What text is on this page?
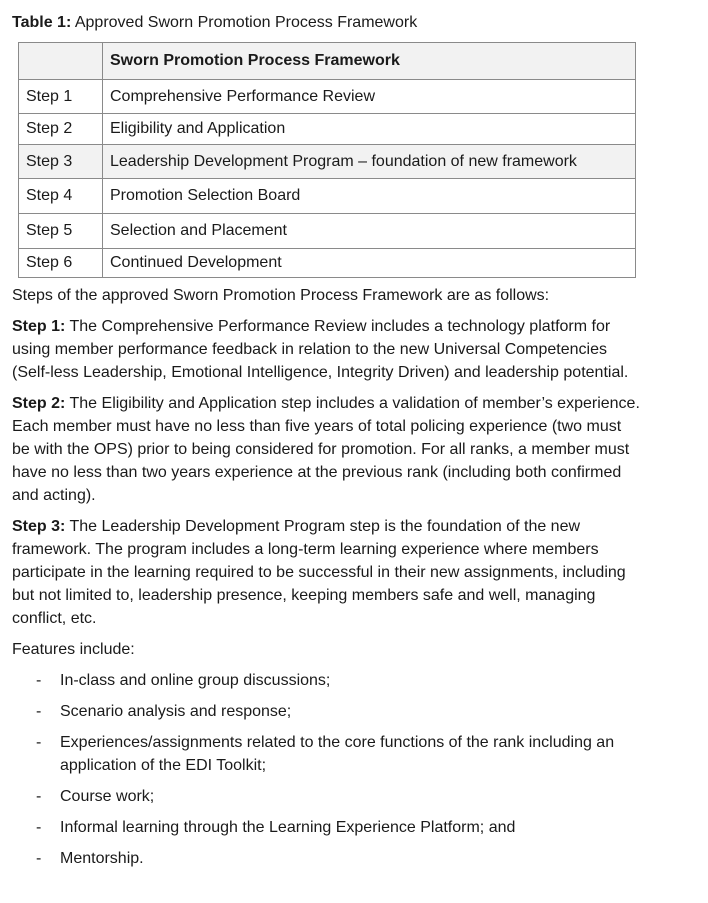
Table 1: Approved Sworn Promotion Process Framework
	Sworn Promotion Process Framework
Step 1	Comprehensive Performance Review
Step 2	Eligibility and Application
Step 3	Leadership Development Program – foundation of new framework
Step 4	Promotion Selection Board
Step 5	Selection and Placement
Step 6	Continued Development

Steps of the approved Sworn Promotion Process Framework are as follows:

Step 1: The Comprehensive Performance Review includes a technology platform for using member performance feedback in relation to the new Universal Competencies (Self-less Leadership, Emotional Intelligence, Integrity Driven) and leadership potential.

Step 2: The Eligibility and Application step includes a validation of member’s experience. Each member must have no less than five years of total policing experience (two must be with the OPS) prior to being considered for promotion. For all ranks, a member must have no less than two years experience at the previous rank (including both confirmed and acting).

Step 3: The Leadership Development Program step is the foundation of the new framework. The program includes a long-term learning experience where members participate in the learning required to be successful in their new assignments, including but not limited to, leadership presence, keeping members safe and well, managing conflict, etc.

Features include:

- In-class and online group discussions;
- Scenario analysis and response;
- Experiences/assignments related to the core functions of the rank including an application of the EDI Toolkit;
- Course work;
- Informal learning through the Learning Experience Platform; and
- Mentorship.
